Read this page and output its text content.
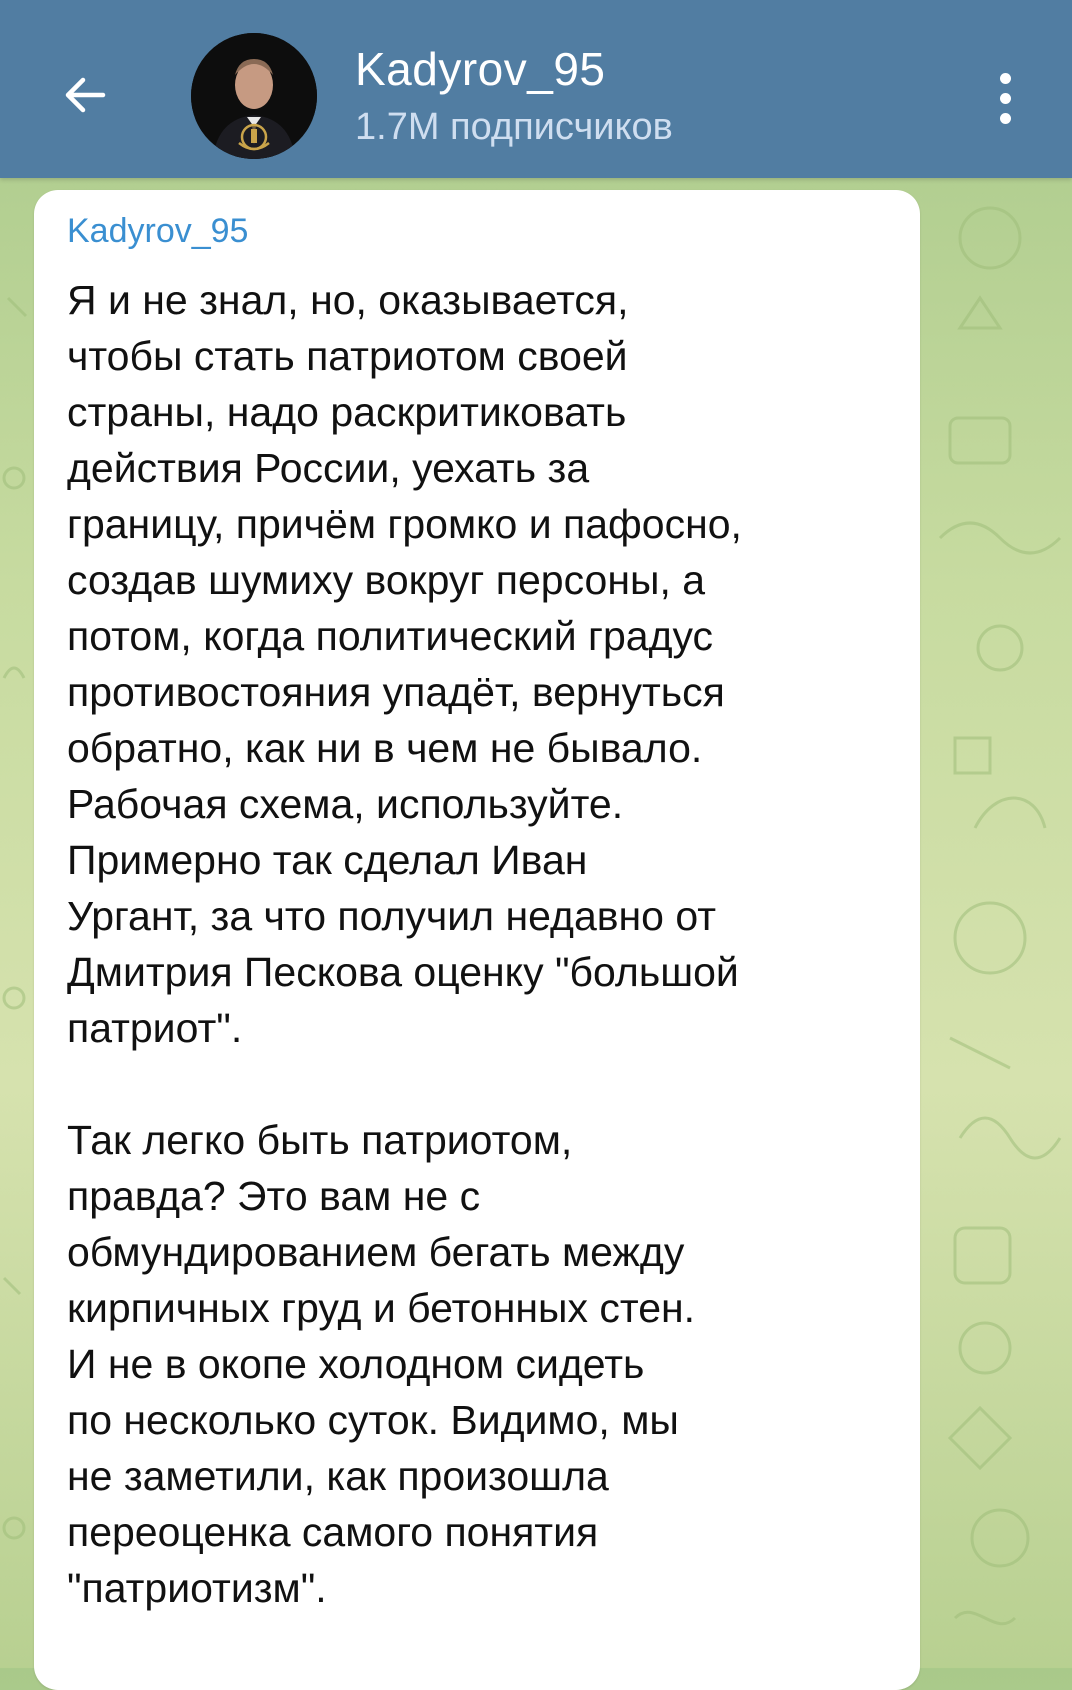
Kadyrov_95
1.7M подписчиков
Kadyrov_95
Я и не знал, но, оказывается,
чтобы стать патриотом своей
страны, надо раскритиковать
действия России, уехать за
границу, причём громко и пафосно,
создав шумиху вокруг персоны, а
потом, когда политический градус
противостояния упадёт, вернуться
обратно, как ни в чем не бывало.
Рабочая схема, используйте.
Примерно так сделал Иван
Ургант, за что получил недавно от
Дмитрия Пескова оценку "большой
патриот".

Так легко быть патриотом,
правда? Это вам не с
обмундированием бегать между
кирпичных груд и бетонных стен.
И не в окопе холодном сидеть
по несколько суток. Видимо, мы
не заметили, как произошла
переоценка самого понятия
"патриотизм".
